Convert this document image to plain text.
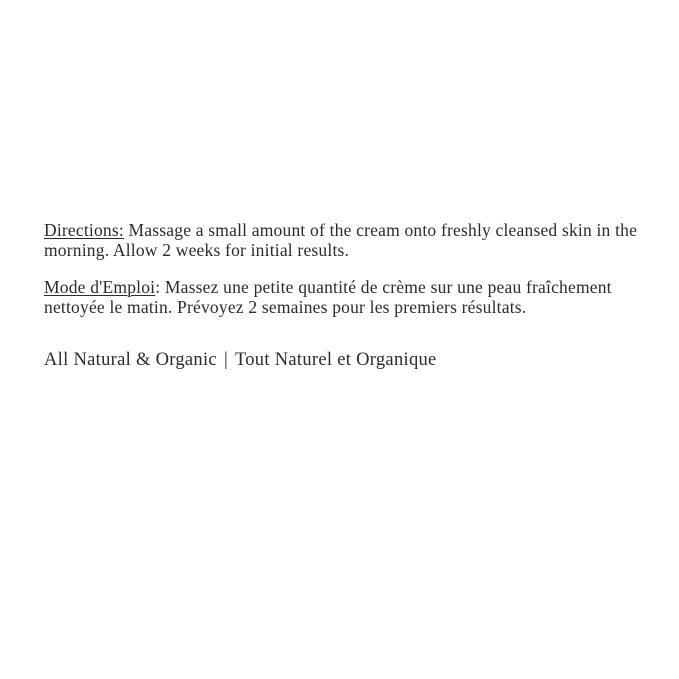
Directions: Massage a small amount of the cream onto freshly cleansed skin in the
morning. Allow 2 weeks for initial results.

Mode d'Emploi: Massez une petite quantité de crème sur une peau fraîchement
nettoyée le matin. Prévoyez 2 semaines pour les premiers résultats.

All Natural & Organic | Tout Naturel et Organique
